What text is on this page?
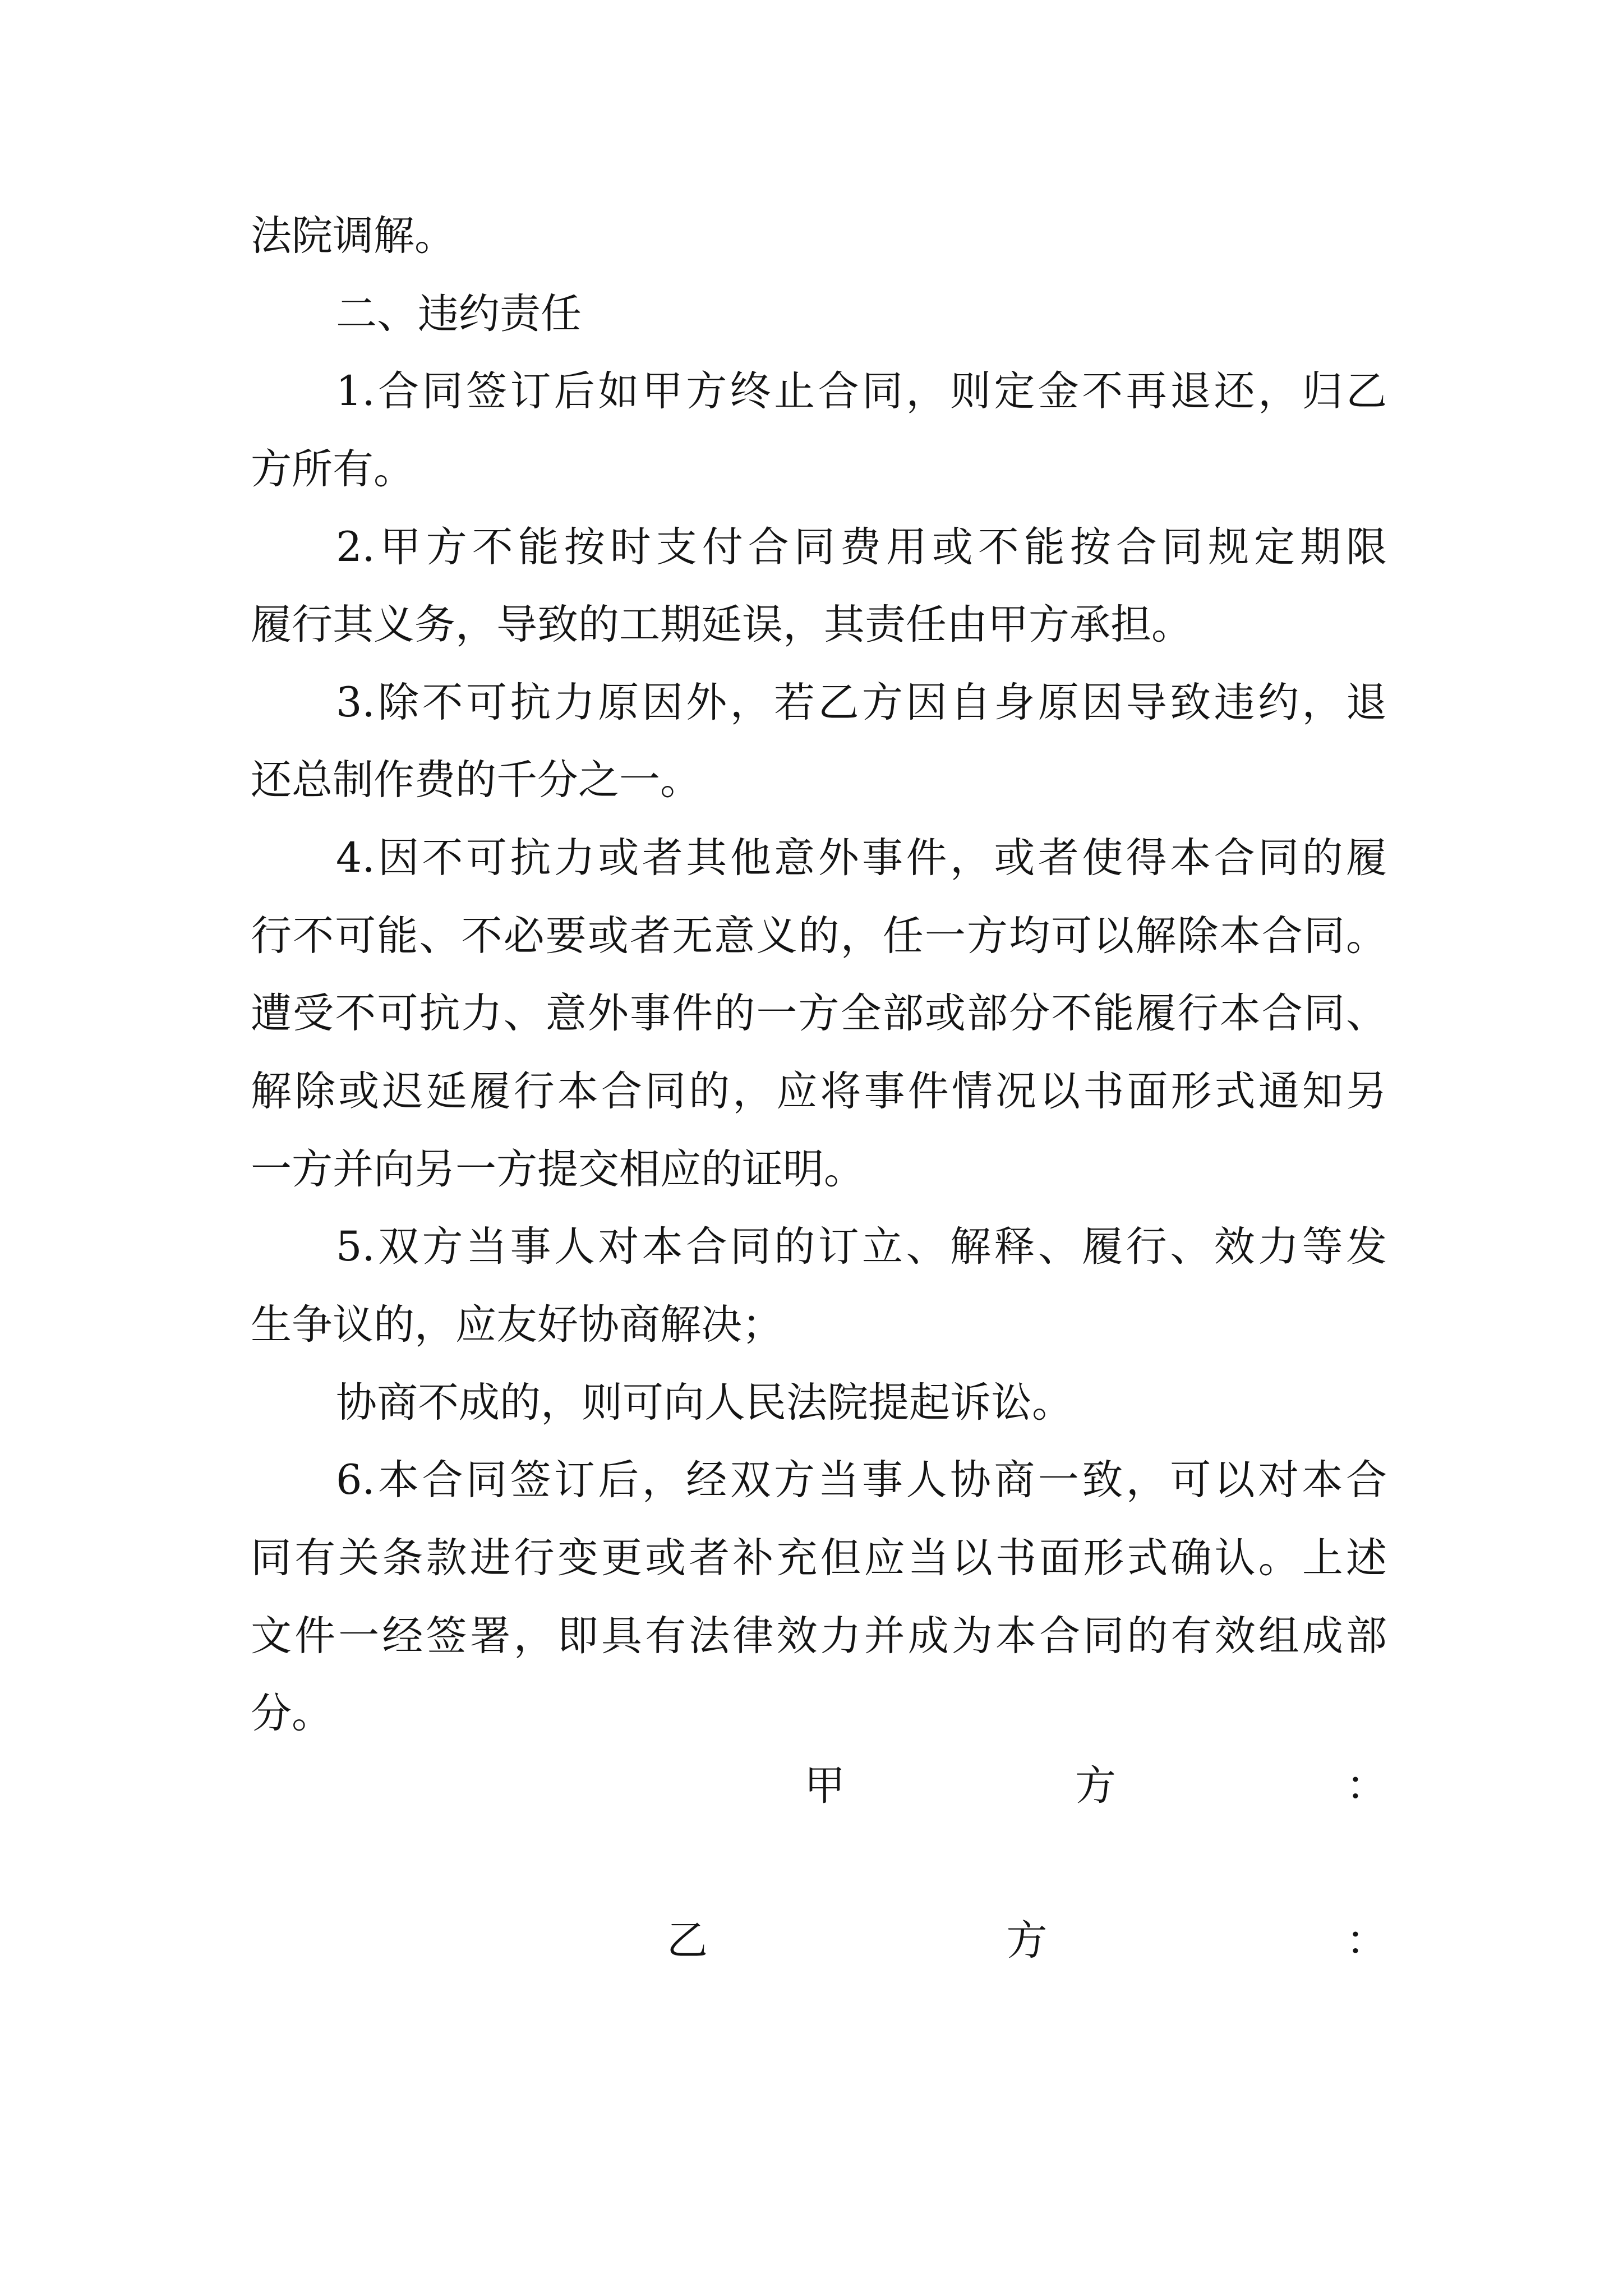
法院调解。
二、违约责任
1.合同签订后如甲方终止合同，则定金不再退还，归乙
方所有。
2.甲方不能按时支付合同费用或不能按合同规定期限
履行其义务，导致的工期延误，其责任由甲方承担。
3.除不可抗力原因外，若乙方因自身原因导致违约，退
还总制作费的千分之一。
4.因不可抗力或者其他意外事件，或者使得本合同的履
行不可能、不必要或者无意义的，任一方均可以解除本合同。
遭受不可抗力、意外事件的一方全部或部分不能履行本合同、
解除或迟延履行本合同的，应将事件情况以书面形式通知另
一方并向另一方提交相应的证明。
5.双方当事人对本合同的订立、解释、履行、效力等发
生争议的，应友好协商解决；
协商不成的，则可向人民法院提起诉讼。
6.本合同签订后，经双方当事人协商一致，可以对本合
同有关条款进行变更或者补充但应当以书面形式确认。上述
文件一经签署，即具有法律效力并成为本合同的有效组成部
分。
甲	方	：
乙	方	：
